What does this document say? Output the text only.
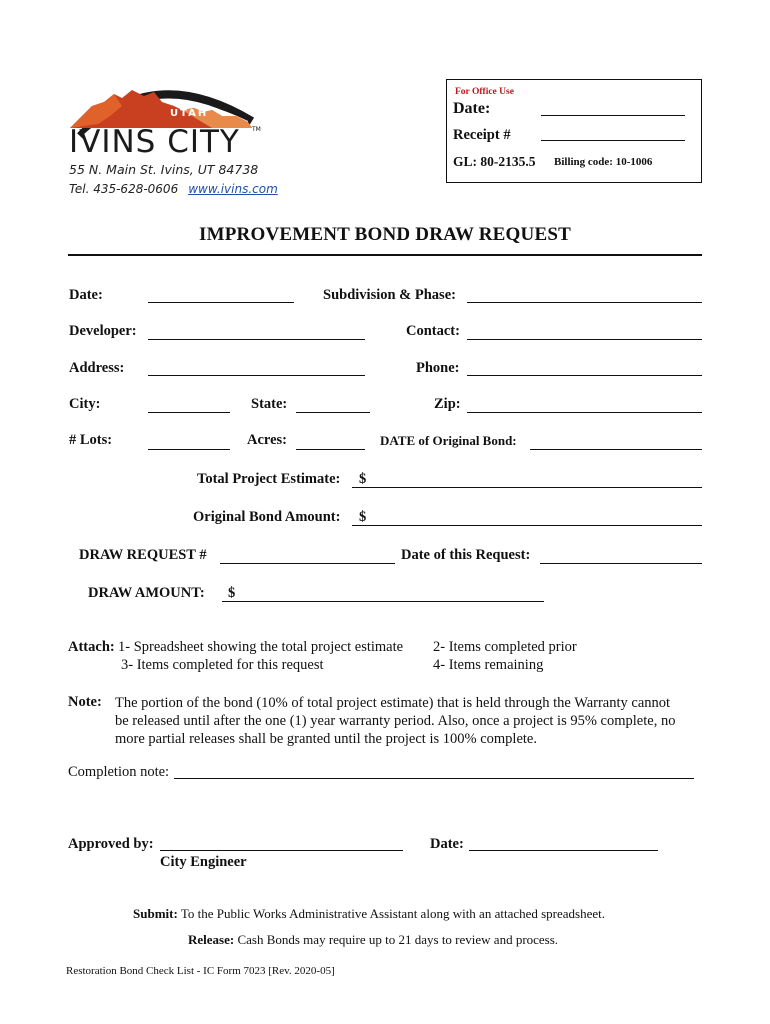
UTAH
IVINS CITY TM
55 N. Main St. Ivins, UT 84738
Tel. 435-628-0606 www.ivins.com
For Office Use
Date:
Receipt #
GL: 80-2135.5 Billing code: 10-1006
IMPROVEMENT BOND DRAW REQUEST
Date:	Subdivision & Phase:
Developer:	Contact:
Address:	Phone:
City:	State:	Zip:
# Lots:	Acres:	DATE of Original Bond:
Total Project Estimate: $
Original Bond Amount: $
DRAW REQUEST #	Date of this Request:
DRAW AMOUNT: $
Attach: 1- Spreadsheet showing the total project estimate 2- Items completed prior
3- Items completed for this request	4- Items remaining
Note: The portion of the bond (10% of total project estimate) that is held through the Warranty cannot
be released until after the one (1) year warranty period. Also, once a project is 95% complete, no
more partial releases shall be granted until the project is 100% complete.
Completion note:
Approved by:
City Engineer
Date:
Submit: To the Public Works Administrative Assistant along with an attached spreadsheet.
Release: Cash Bonds may require up to 21 days to review and process.
Restoration Bond Check List - IC Form 7023 [Rev. 2020-05]
